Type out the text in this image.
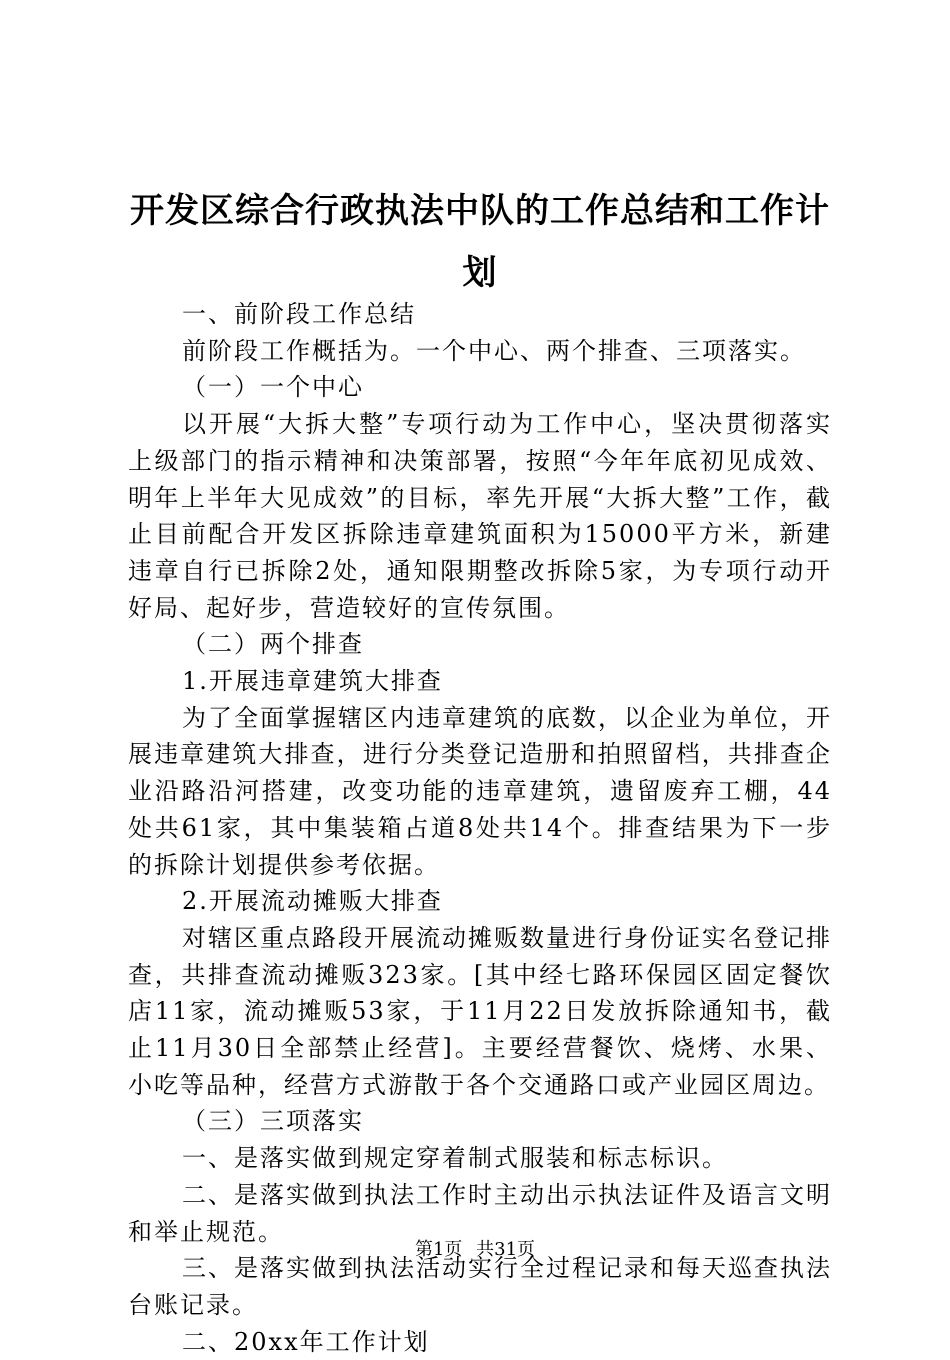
开发区综合行政执法中队的工作总结和工作计划

一、前阶段工作总结

前阶段工作概括为。一个中心、两个排查、三项落实。

（一）一个中心

以开展“大拆大整”专项行动为工作中心，坚决贯彻落实上级部门的指示精神和决策部署，按照“今年年底初见成效、明年上半年大见成效”的目标，率先开展“大拆大整”工作，截止目前配合开发区拆除违章建筑面积为15000平方米，新建违章自行已拆除2处，通知限期整改拆除5家，为专项行动开好局、起好步，营造较好的宣传氛围。

（二）两个排查

1.开展违章建筑大排查

为了全面掌握辖区内违章建筑的底数，以企业为单位，开展违章建筑大排查，进行分类登记造册和拍照留档，共排查企业沿路沿河搭建，改变功能的违章建筑，遗留废弃工棚，44处共61家，其中集装箱占道8处共14个。排查结果为下一步的拆除计划提供参考依据。

2.开展流动摊贩大排查

对辖区重点路段开展流动摊贩数量进行身份证实名登记排查，共排查流动摊贩323家。[其中经七路环保园区固定餐饮店11家，流动摊贩53家，于11月22日发放拆除通知书，截止11月30日全部禁止经营]。主要经营餐饮、烧烤、水果、小吃等品种，经营方式游散于各个交通路口或产业园区周边。

（三）三项落实

一、是落实做到规定穿着制式服装和标志标识。

二、是落实做到执法工作时主动出示执法证件及语言文明和举止规范。

三、是落实做到执法活动实行全过程记录和每天巡查执法台账记录。

二、20xx年工作计划

第1页 共31页
